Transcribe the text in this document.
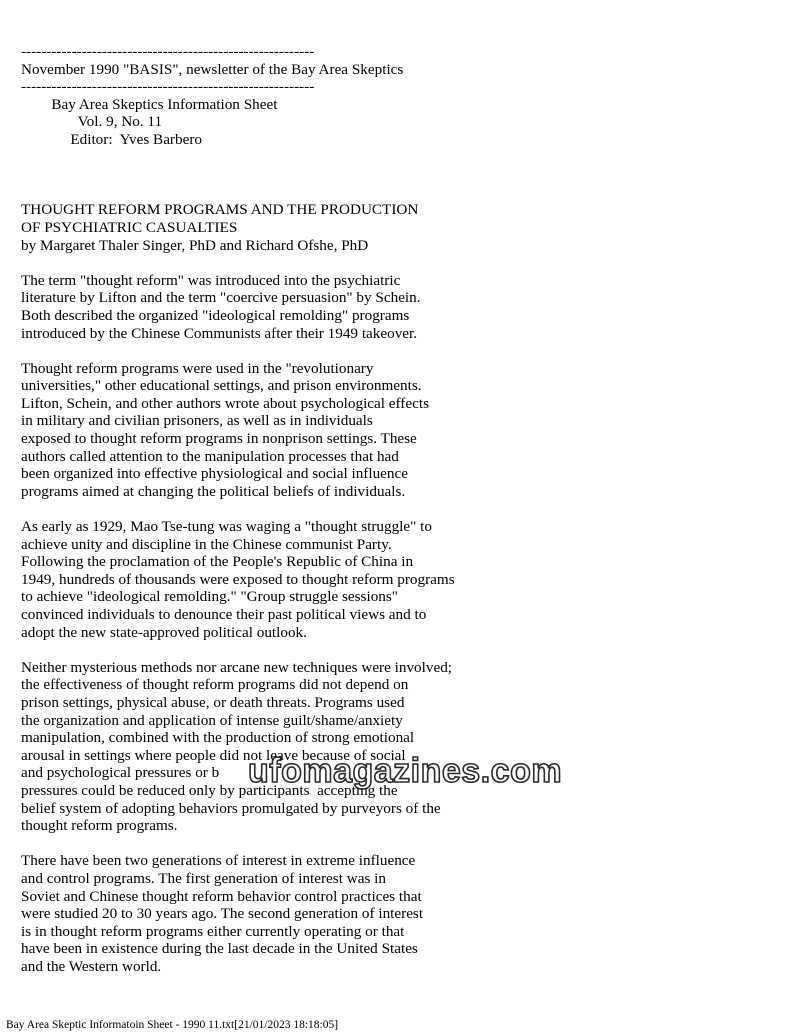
----------------------------------------------------------
November 1990 "BASIS", newsletter of the Bay Area Skeptics
----------------------------------------------------------
Bay Area Skeptics Information Sheet
Vol. 9, No. 11
Editor:  Yves Barbero
THOUGHT REFORM PROGRAMS AND THE PRODUCTION
OF PSYCHIATRIC CASUALTIES
by Margaret Thaler Singer, PhD and Richard Ofshe, PhD
The term "thought reform" was introduced into the psychiatric
literature by Lifton and the term "coercive persuasion" by Schein.
Both described the organized "ideological remolding" programs
introduced by the Chinese Communists after their 1949 takeover.
Thought reform programs were used in the "revolutionary
universities," other educational settings, and prison environments.
Lifton, Schein, and other authors wrote about psychological effects
in military and civilian prisoners, as well as in individuals
exposed to thought reform programs in nonprison settings. These
authors called attention to the manipulation processes that had
been organized into effective physiological and social influence
programs aimed at changing the political beliefs of individuals.
As early as 1929, Mao Tse-tung was waging a "thought struggle" to
achieve unity and discipline in the Chinese communist Party.
Following the proclamation of the People's Republic of China in
1949, hundreds of thousands were exposed to thought reform programs
to achieve "ideological remolding." "Group struggle sessions"
convinced individuals to denounce their past political views and to
adopt the new state-approved political outlook.
Neither mysterious methods nor arcane new techniques were involved;
the effectiveness of thought reform programs did not depend on
prison settings, physical abuse, or death threats. Programs used
the organization and application of intense guilt/shame/anxiety
manipulation, combined with the production of strong emotional
arousal in settings where people did not leave because of social
and psychological pressures or b
pressures could be reduced only by participants  accepting the
belief system of adopting behaviors promulgated by purveyors of the
thought reform programs.
There have been two generations of interest in extreme influence
and control programs. The first generation of interest was in
Soviet and Chinese thought reform behavior control practices that
were studied 20 to 30 years ago. The second generation of interest
is in thought reform programs either currently operating or that
have been in existence during the last decade in the United States
and the Western world.
ufomagazines.com
Bay Area Skeptic Informatoin Sheet - 1990 11.txt[21/01/2023 18:18:05]
